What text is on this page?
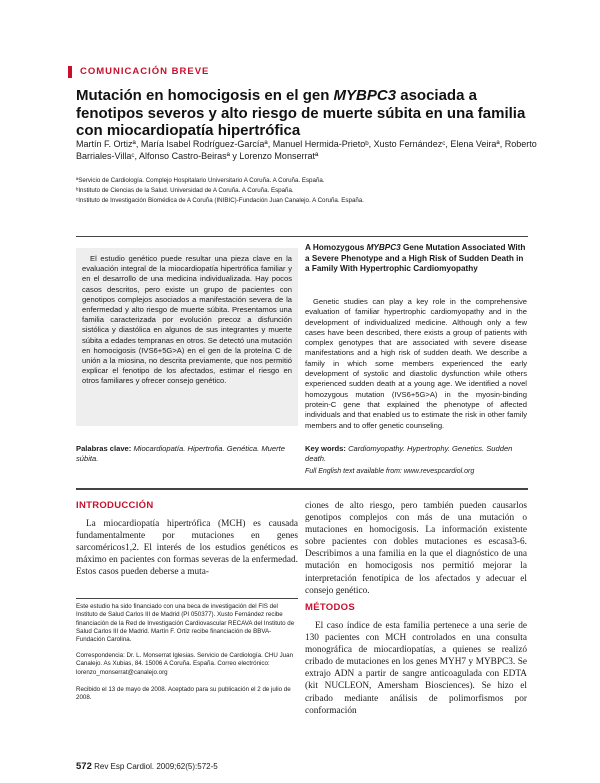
COMUNICACIÓN BREVE
Mutación en homocigosis en el gen MYBPC3 asociada a fenotipos severos y alto riesgo de muerte súbita en una familia con miocardiopatía hipertrófica
Martín F. Ortizª, María Isabel Rodríguez-Garcíaª, Manuel Hermida-Prietoᵇ, Xusto Fernándezᶜ, Elena Veiraª, Roberto Barriales-Villaᶜ, Alfonso Castro-Beirasª y Lorenzo Monserratª
ªServicio de Cardiología. Complejo Hospitalario Universitario A Coruña. A Coruña. España.
ᵇInstituto de Ciencias de la Salud. Universidad de A Coruña. A Coruña. España.
ᶜInstituto de Investigación Biomédica de A Coruña (INIBIC)-Fundación Juan Canalejo. A Coruña. España.
El estudio genético puede resultar una pieza clave en la evaluación integral de la miocardiopatía hipertrófica familiar y en el desarrollo de una medicina individualizada. Hay pocos casos descritos, pero existe un grupo de pacientes con genotipos complejos asociados a manifestación severa de la enfermedad y alto riesgo de muerte súbita. Presentamos una familia caracterizada por evolución precoz a disfunción sistólica y diastólica en algunos de sus integrantes y muerte súbita a edades tempranas en otros. Se detectó una mutación en homocigosis (IVS6+5G>A) en el gen de la proteína C de unión a la miosina, no descrita previamente, que nos permitió explicar el fenotipo de los afectados, estimar el riesgo en otros familiares y ofrecer consejo genético.
A Homozygous MYBPC3 Gene Mutation Associated With a Severe Phenotype and a High Risk of Sudden Death in a Family With Hypertrophic Cardiomyopathy
Genetic studies can play a key role in the comprehensive evaluation of familiar hypertrophic cardiomyopathy and in the development of individualized medicine. Although only a few cases have been described, there exists a group of patients with complex genotypes that are associated with severe disease manifestations and a high risk of sudden death. We describe a family in which some members experienced the early development of systolic and diastolic dysfunction while others experienced sudden death at a young age. We identified a novel homozygous mutation (IVS6+5G>A) in the myosin-binding protein-C gene that explained the phenotype of affected individuals and that enabled us to estimate the risk in other family members and to offer genetic counseling.
Palabras clave: Miocardiopatía. Hipertrofia. Genética. Muerte súbita.
Key words: Cardiomyopathy. Hypertrophy. Genetics. Sudden death.
Full English text available from: www.revespcardiol.org
INTRODUCCIÓN
La miocardiopatía hipertrófica (MCH) es causada fundamentalmente por mutaciones en genes sarcoméricos1,2. El interés de los estudios genéticos es máximo en pacientes con formas severas de la enfermedad. Estos casos pueden deberse a muta-
Este estudio ha sido financiado con una beca de investigación del FIS del Instituto de Salud Carlos III de Madrid (PI 050377). Xusto Fernández recibe financiación de la Red de Investigación Cardiovascular RECAVA del Instituto de Salud Carlos III de Madrid. Martín F. Ortiz recibe financiación de BBVA-Fundación Carolina.
Correspondencia: Dr. L. Monserrat Iglesias. Servicio de Cardiología. CHU Juan Canalejo. As Xubias, 84. 15006 A Coruña. España. Correo electrónico: lorenzo_monserrat@canalejo.org
Recibido el 13 de mayo de 2008. Aceptado para su publicación el 2 de julio de 2008.
ciones de alto riesgo, pero también pueden causarlos genotipos complejos con más de una mutación o mutaciones en homocigosis. La información existente sobre pacientes con dobles mutaciones es escasa3-6. Describimos a una familia en la que el diagnóstico de una mutación en homocigosis nos permitió mejorar la interpretación fenotípica de los afectados y adecuar el consejo genético.
MÉTODOS
El caso índice de esta familia pertenece a una serie de 130 pacientes con MCH controlados en una consulta monográfica de miocardiopatías, a quienes se realizó cribado de mutaciones en los genes MYH7 y MYBPC3. Se extrajo ADN a partir de sangre anticoagulada con EDTA (kit NUCLEON, Amersham Biosciences). Se hizo el cribado mediante análisis de polimorfismos por conformación
572 Rev Esp Cardiol. 2009;62(5):572-5
